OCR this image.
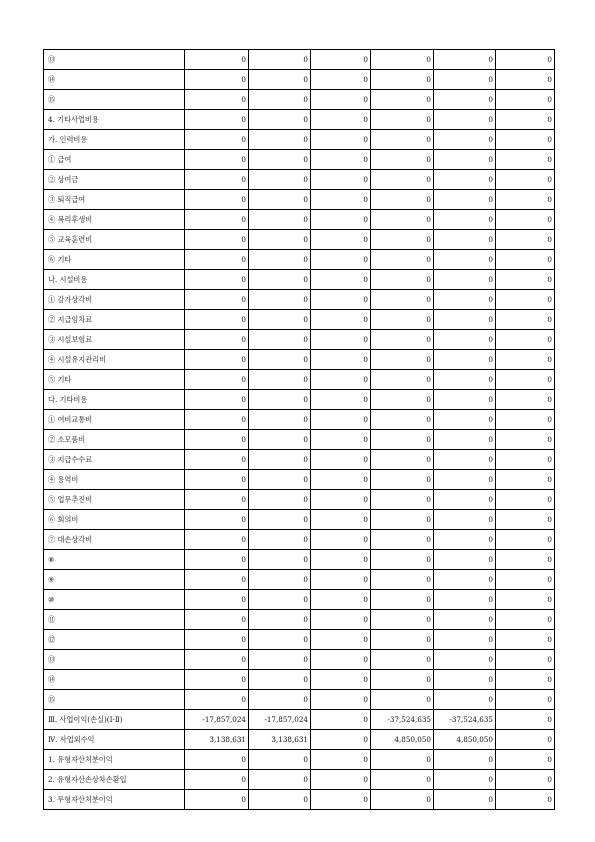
⑬	0	0	0	0	0	0
⑭	0	0	0	0	0	0
⑮	0	0	0	0	0	0
4. 기타사업비용	0	0	0	0	0	0
가. 인력비용	0	0	0	0	0	0
① 급여	0	0	0	0	0	0
② 상여금	0	0	0	0	0	0
③ 퇴직급여	0	0	0	0	0	0
④ 복리후생비	0	0	0	0	0	0
⑤ 교육훈련비	0	0	0	0	0	0
⑥ 기타	0	0	0	0	0	0
나. 시설비용	0	0	0	0	0	0
① 감가상각비	0	0	0	0	0	0
② 지급임차료	0	0	0	0	0	0
③ 시설보험료	0	0	0	0	0	0
④ 시설유지관리비	0	0	0	0	0	0
⑤ 기타	0	0	0	0	0	0
다. 기타비용	0	0	0	0	0	0
① 여비교통비	0	0	0	0	0	0
② 소모품비	0	0	0	0	0	0
③ 지급수수료	0	0	0	0	0	0
④ 용역비	0	0	0	0	0	0
⑤ 업무추진비	0	0	0	0	0	0
⑥ 회의비	0	0	0	0	0	0
⑦ 대손상각비	0	0	0	0	0	0
⑧	0	0	0	0	0	0
⑨	0	0	0	0	0	0
⑩	0	0	0	0	0	0
⑪	0	0	0	0	0	0
⑫	0	0	0	0	0	0
⑬	0	0	0	0	0	0
⑭	0	0	0	0	0	0
⑮	0	0	0	0	0	0
Ⅲ. 사업이익(손실)(Ⅰ-Ⅱ)	-17,857,024	-17,857,024	0	-37,524,635	-37,524,635	0
Ⅳ. 사업외수익	3,138,631	3,138,631	0	4,850,050	4,850,050	0
1. 유형자산처분이익	0	0	0	0	0	0
2. 유형자산손상차손환입	0	0	0	0	0	0
3. 무형자산처분이익	0	0	0	0	0	0
